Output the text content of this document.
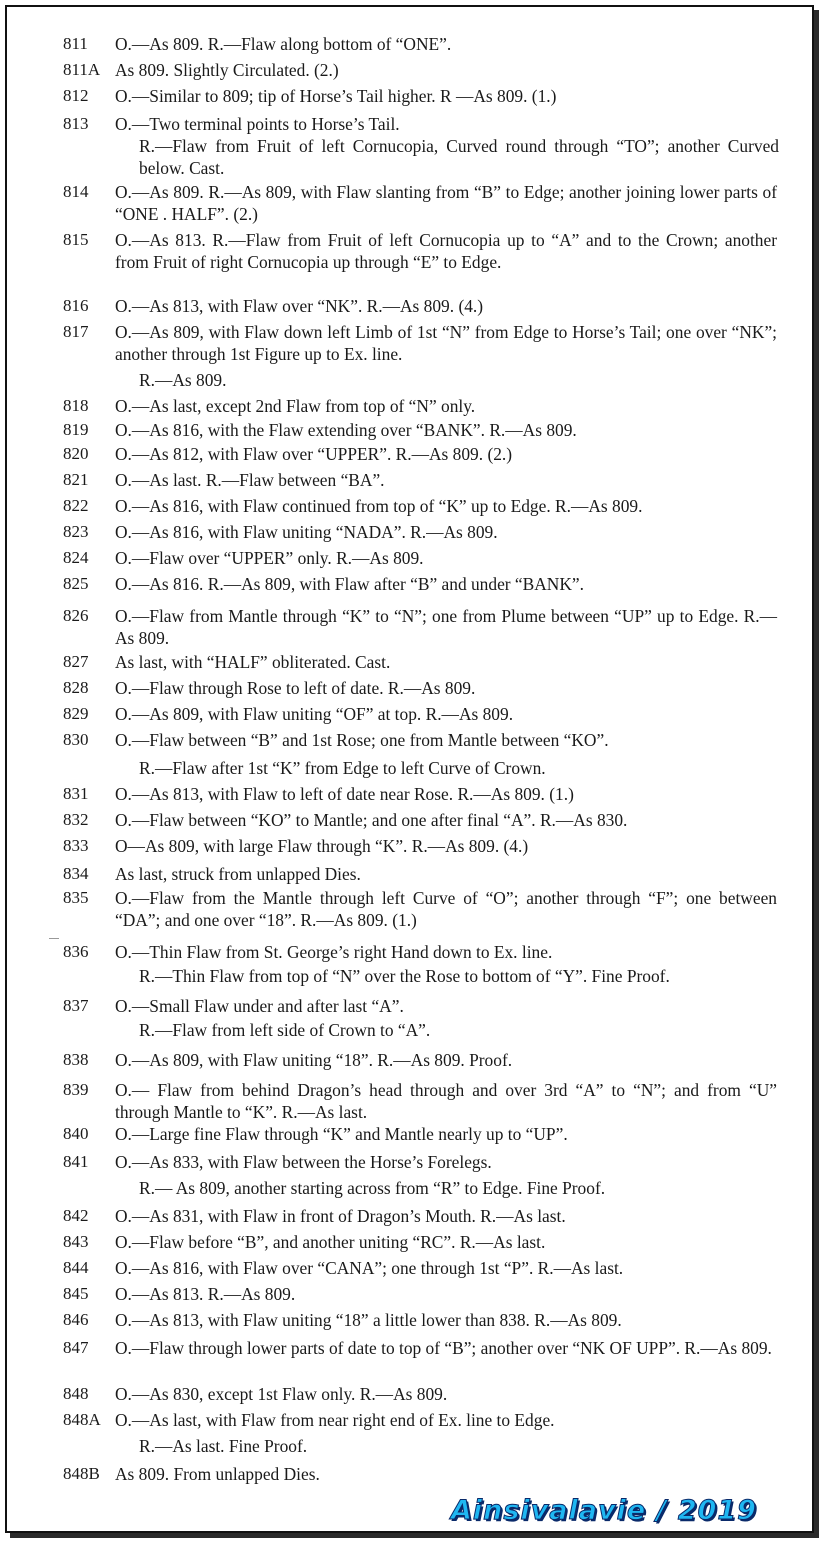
811 O.—As 809. R.—Flaw along bottom of “ONE”.
811A As 809. Slightly Circulated. (2.)
812 O.—Similar to 809; tip of Horse’s Tail higher. R —As 809. (1.)
813 O.—Two terminal points to Horse’s Tail.
R.—Flaw from Fruit of left Cornucopia, Curved round through “TO”; another Curved below. Cast.
814 O.—As 809. R.—As 809, with Flaw slanting from “B” to Edge; another joining lower parts of “ONE . HALF”. (2.)
815 O.—As 813. R.—Flaw from Fruit of left Cornucopia up to “A” and to the Crown; another from Fruit of right Cornucopia up through “E” to Edge.
816 O.—As 813, with Flaw over “NK”. R.—As 809. (4.)
817 O.—As 809, with Flaw down left Limb of 1st “N” from Edge to Horse’s Tail; one over “NK”; another through 1st Figure up to Ex. line.
R.—As 809.
818 O.—As last, except 2nd Flaw from top of “N” only.
819 O.—As 816, with the Flaw extending over “BANK”. R.—As 809.
820 O.—As 812, with Flaw over “UPPER”. R.—As 809. (2.)
821 O.—As last. R.—Flaw between “BA”.
822 O.—As 816, with Flaw continued from top of “K” up to Edge. R.—As 809.
823 O.—As 816, with Flaw uniting “NADA”. R.—As 809.
824 O.—Flaw over “UPPER” only. R.—As 809.
825 O.—As 816. R.—As 809, with Flaw after “B” and under “BANK”.
826 O.—Flaw from Mantle through “K” to “N”; one from Plume between “UP” up to Edge. R.—As 809.
827 As last, with “HALF” obliterated. Cast.
828 O.—Flaw through Rose to left of date. R.—As 809.
829 O.—As 809, with Flaw uniting “OF” at top. R.—As 809.
830 O.—Flaw between “B” and 1st Rose; one from Mantle between “KO”.
R.—Flaw after 1st “K” from Edge to left Curve of Crown.
831 O.—As 813, with Flaw to left of date near Rose. R.—As 809. (1.)
832 O.—Flaw between “KO” to Mantle; and one after final “A”. R.—As 830.
833 O—As 809, with large Flaw through “K”. R.—As 809. (4.)
834 As last, struck from unlapped Dies.
835 O.—Flaw from the Mantle through left Curve of “O”; another through “F”; one between “DA”; and one over “18”. R.—As 809. (1.)
836 O.—Thin Flaw from St. George’s right Hand down to Ex. line.
R.—Thin Flaw from top of “N” over the Rose to bottom of “Y”. Fine Proof.
837 O.—Small Flaw under and after last “A”.
R.—Flaw from left side of Crown to “A”.
838 O.—As 809, with Flaw uniting “18”. R.—As 809. Proof.
839 O.— Flaw from behind Dragon’s head through and over 3rd “A” to “N”; and from “U” through Mantle to “K”. R.—As last.
840 O.—Large fine Flaw through “K” and Mantle nearly up to “UP”.
841 O.—As 833, with Flaw between the Horse’s Forelegs.
R.— As 809, another starting across from “R” to Edge. Fine Proof.
842 O.—As 831, with Flaw in front of Dragon’s Mouth. R.—As last.
843 O.—Flaw before “B”, and another uniting “RC”. R.—As last.
844 O.—As 816, with Flaw over “CANA”; one through 1st “P”. R.—As last.
845 O.—As 813. R.—As 809.
846 O.—As 813, with Flaw uniting “18” a little lower than 838. R.—As 809.
847 O.—Flaw through lower parts of date to top of “B”; another over “NK OF UPP”. R.—As 809.
848 O.—As 830, except 1st Flaw only. R.—As 809.
848A O.—As last, with Flaw from near right end of Ex. line to Edge.
R.—As last. Fine Proof.
848B As 809. From unlapped Dies.
Ainsivalavie / 2019
